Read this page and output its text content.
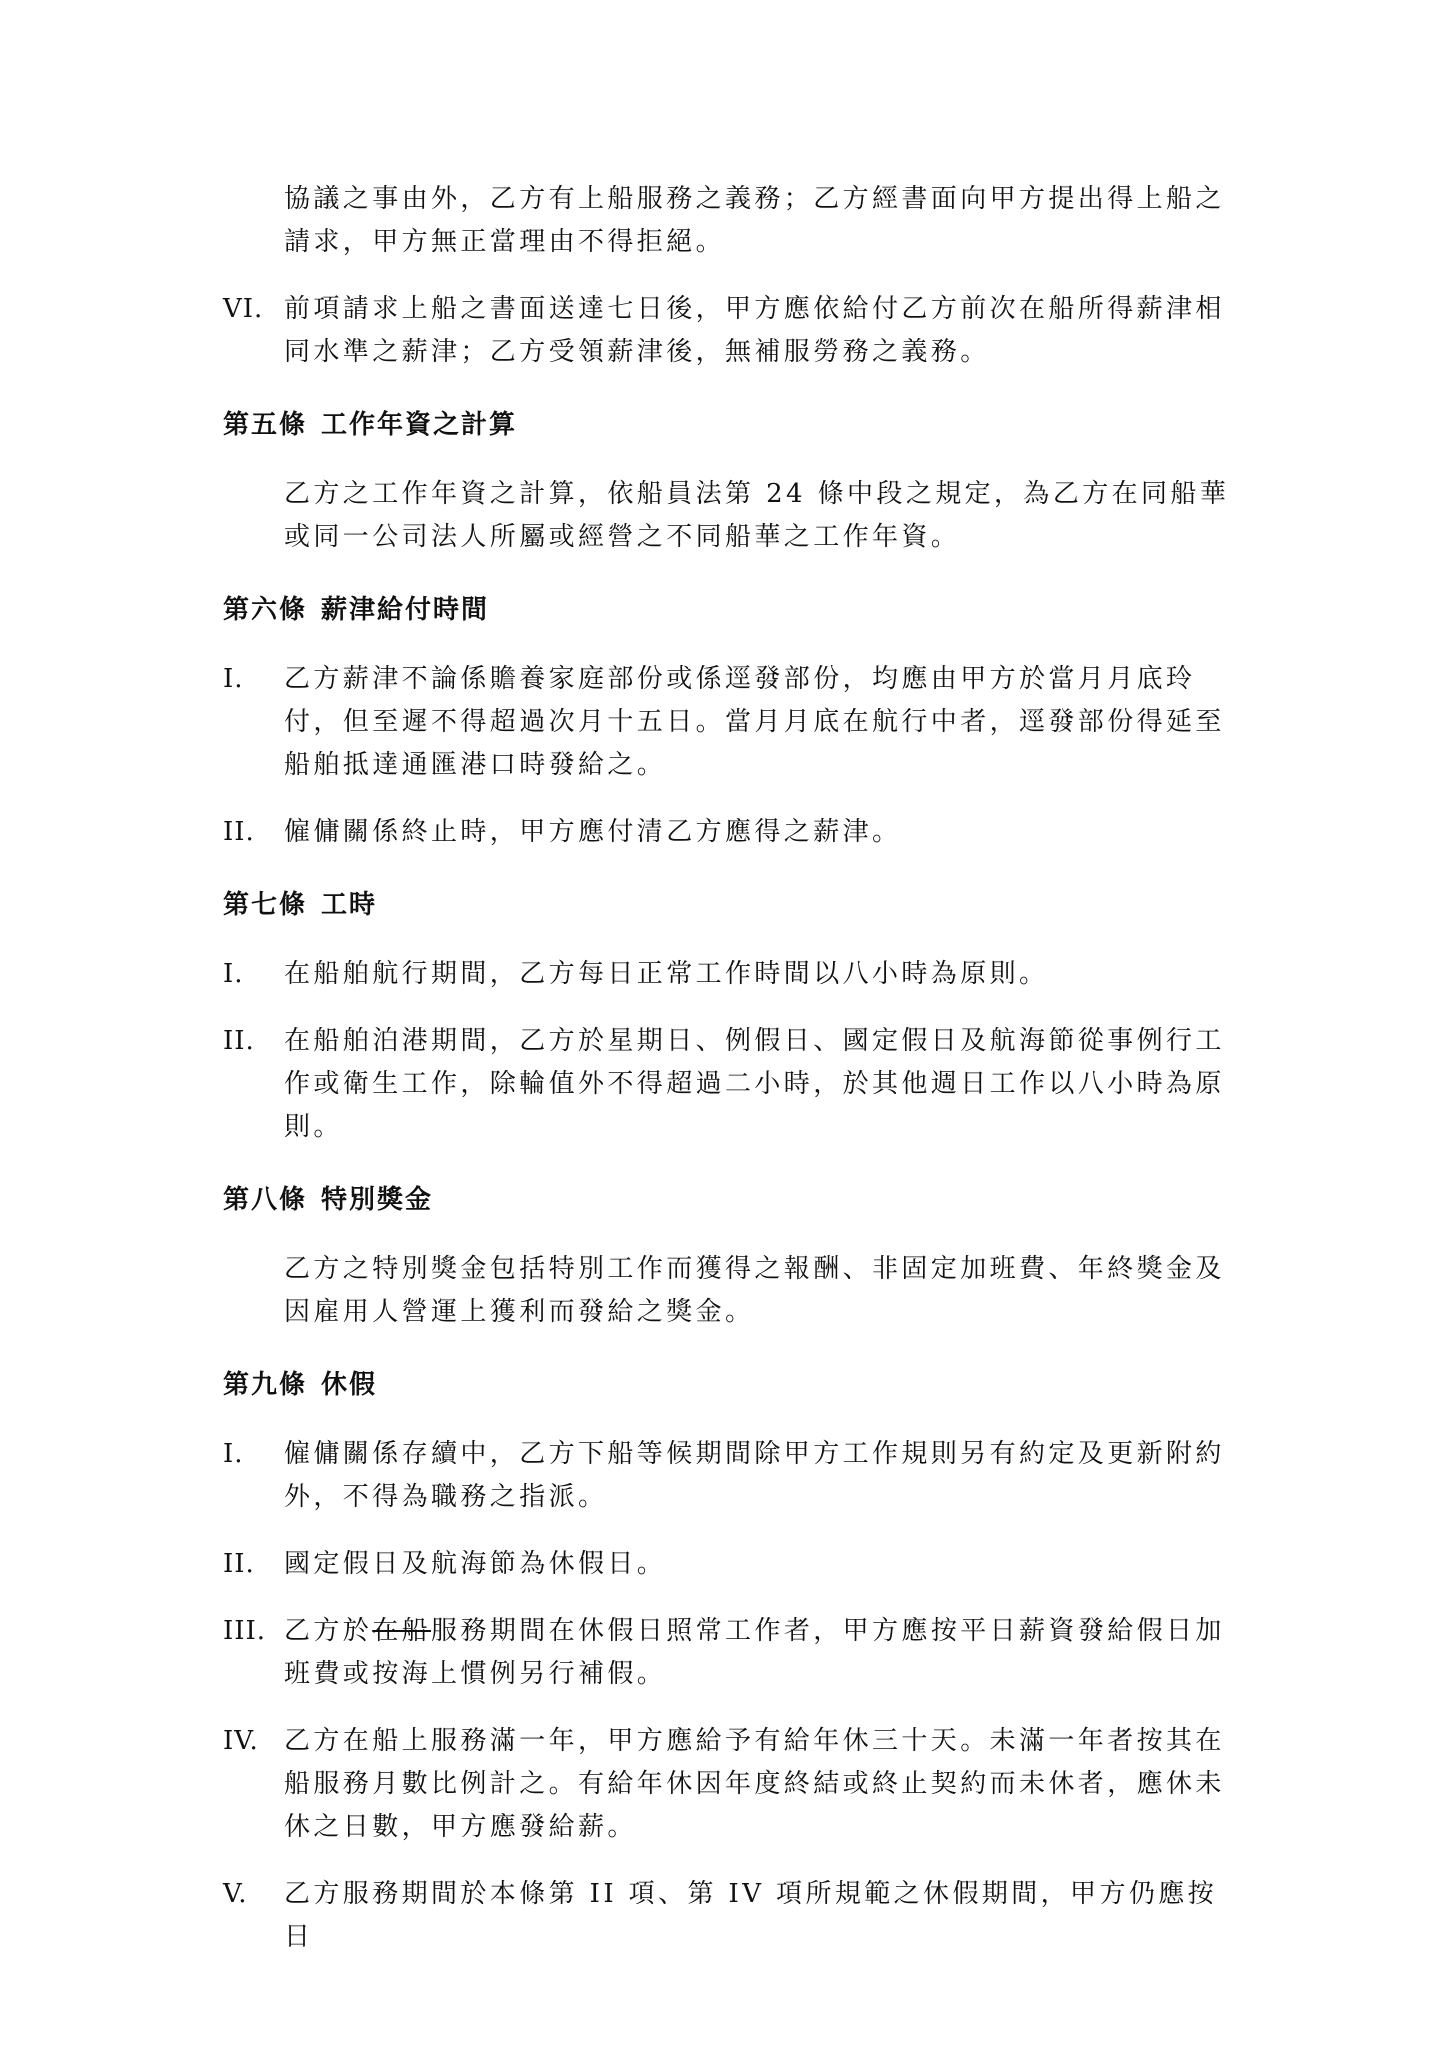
協議之事由外，乙方有上船服務之義務；乙方經書面向甲方提出得上船之請求，甲方無正當理由不得拒絕。

VI. 前項請求上船之書面送達七日後，甲方應依給付乙方前次在船所得薪津相同水準之薪津；乙方受領薪津後，無補服勞務之義務。

第五條 工作年資之計算

乙方之工作年資之計算，依船員法第 24 條中段之規定，為乙方在同船華或同一公司法人所屬或經營之不同船華之工作年資。

第六條 薪津給付時間

I. 乙方薪津不論係贍養家庭部份或係逕發部份，均應由甲方於當月月底玲付，但至遲不得超過次月十五日。當月月底在航行中者，逕發部份得延至船舶抵達通匯港口時發給之。
II. 僱傭關係終止時，甲方應付清乙方應得之薪津。

第七條 工時

I. 在船舶航行期間，乙方每日正常工作時間以八小時為原則。
II. 在船舶泊港期間，乙方於星期日、例假日、國定假日及航海節從事例行工作或衛生工作，除輪值外不得超過二小時，於其他週日工作以八小時為原則。

第八條 特別獎金

乙方之特別獎金包括特別工作而獲得之報酬、非固定加班費、年終獎金及因雇用人營運上獲利而發給之獎金。

第九條 休假

I. 僱傭關係存續中，乙方下船等候期間除甲方工作規則另有約定及更新附約外，不得為職務之指派。
II. 國定假日及航海節為休假日。
III. 乙方於在船服務期間在休假日照常工作者，甲方應按平日薪資發給假日加班費或按海上慣例另行補假。
IV. 乙方在船上服務滿一年，甲方應給予有給年休三十天。未滿一年者按其在船服務月數比例計之。有給年休因年度終結或終止契約而未休者，應休未休之日數，甲方應發給薪。
V. 乙方服務期間於本條第 II 項、第 IV 項所規範之休假期間，甲方仍應按日
